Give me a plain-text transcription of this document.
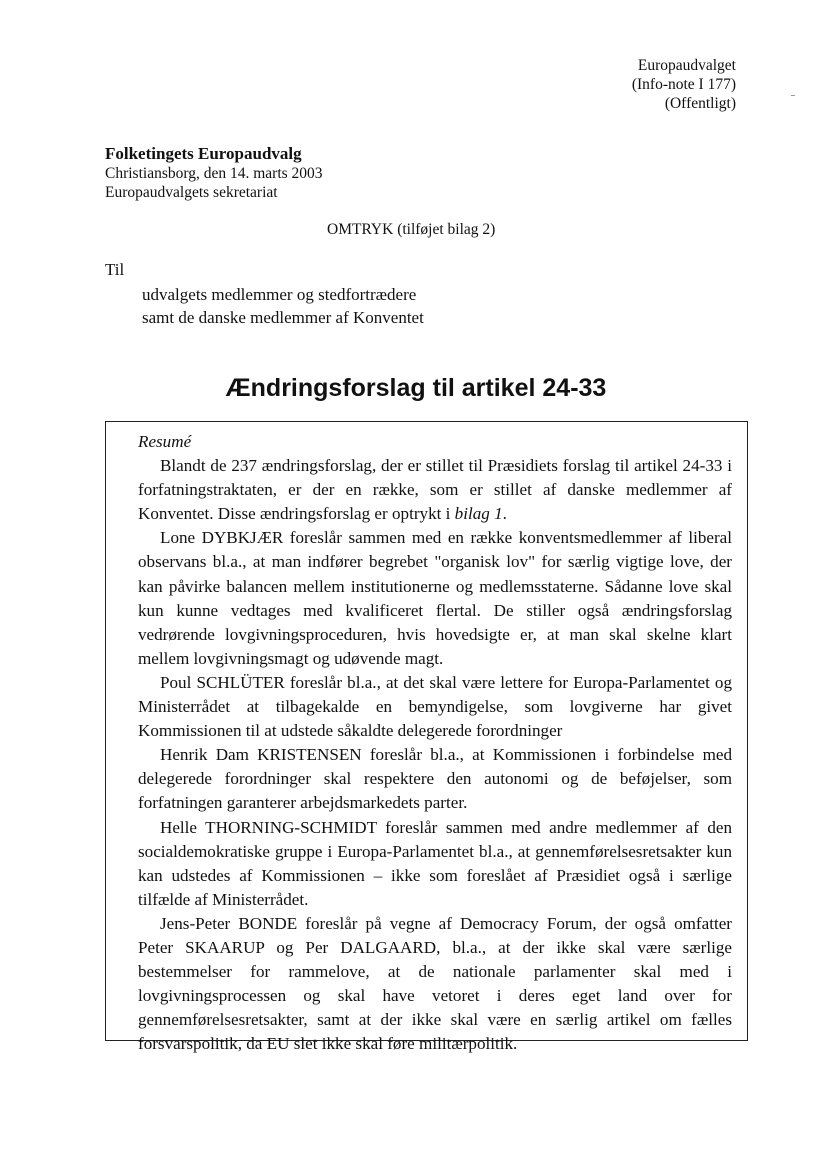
Europaudvalget
(Info-note I 177)
(Offentligt)
Folketingets Europaudvalg
Christiansborg, den 14. marts 2003
Europaudvalgets sekretariat
OMTRYK (tilføjet bilag 2)
Til
udvalgets medlemmer og stedfortrædere
samt de danske medlemmer af Konventet
Ændringsforslag til artikel 24-33
Resumé

Blandt de 237 ændringsforslag, der er stillet til Præsidiets forslag til artikel 24-33 i forfatningstraktaten, er der en række, som er stillet af danske medlemmer af Konventet. Disse ændringsforslag er optrykt i bilag 1.

Lone DYBKJÆR foreslår sammen med en række konventsmedlemmer af liberal observans bl.a., at man indfører begrebet "organisk lov" for særlig vigtige love, der kan påvirke balancen mellem institutionerne og medlemsstaterne. Sådanne love skal kun kunne vedtages med kvalificeret flertal. De stiller også ændringsforslag vedrørende lovgivningsproceduren, hvis hovedsigte er, at man skal skelne klart mellem lovgivningsmagt og udøvende magt.

Poul SCHLÜTER foreslår bl.a., at det skal være lettere for Europa-Parlamentet og Ministerrådet at tilbagekalde en bemyndigelse, som lovgiverne har givet Kommissionen til at udstede såkaldte delegerede forordninger

Henrik Dam KRISTENSEN foreslår bl.a., at Kommissionen i forbindelse med delegerede forordninger skal respektere den autonomi og de beføjelser, som forfatningen garanterer arbejdsmarkedets parter.

Helle THORNING-SCHMIDT foreslår sammen med andre medlemmer af den socialdemokratiske gruppe i Europa-Parlamentet bl.a., at gennemførelsesretsakter kun kan udstedes af Kommissionen – ikke som foreslået af Præsidiet også i særlige tilfælde af Ministerrådet.

Jens-Peter BONDE foreslår på vegne af Democracy Forum, der også omfatter Peter SKAARUP og Per DALGAARD, bl.a., at der ikke skal være særlige bestemmelser for rammelove, at de nationale parlamenter skal med i lovgivningsprocessen og skal have vetoret i deres eget land over for gennemførelsesretsakter, samt at der ikke skal være en særlig artikel om fælles forsvarspolitik, da EU slet ikke skal føre militærpolitik.
